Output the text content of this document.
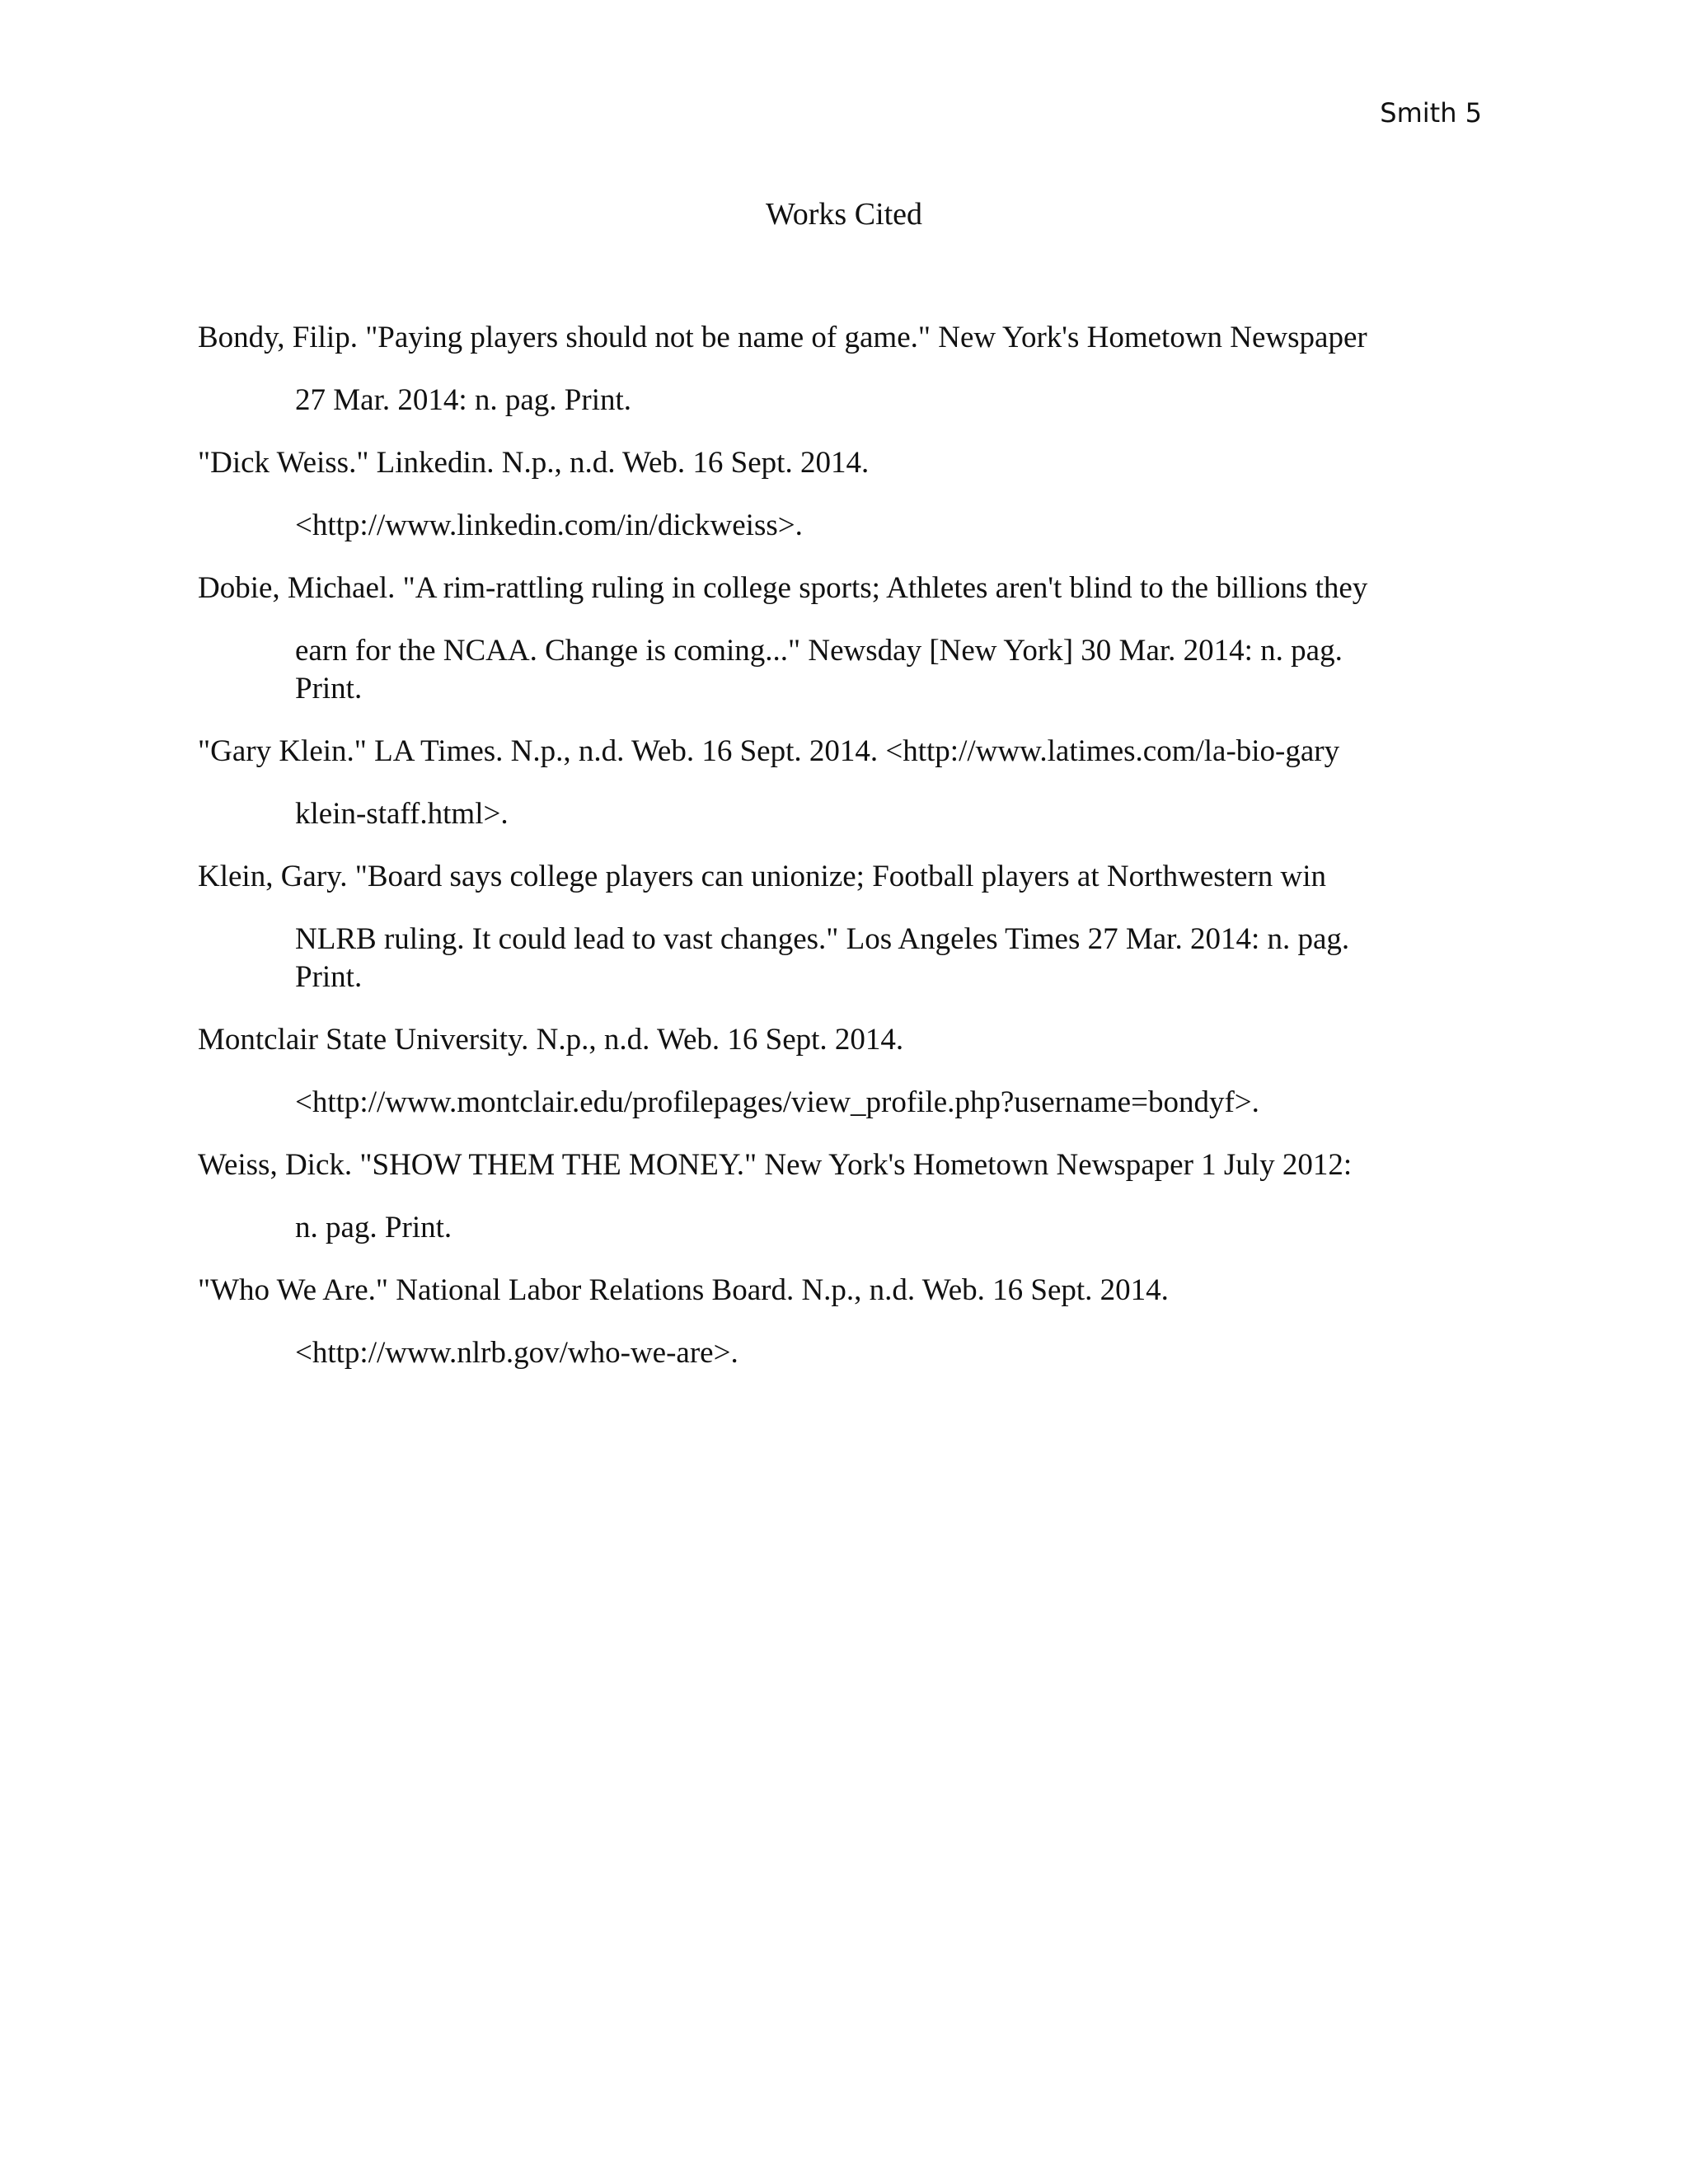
Smith 5
Works Cited
Bondy, Filip. "Paying players should not be name of game." New York's Hometown Newspaper
27 Mar. 2014: n. pag. Print.
"Dick Weiss." Linkedin. N.p., n.d. Web. 16 Sept. 2014.
<http://www.linkedin.com/in/dickweiss>.
Dobie, Michael. "A rim-rattling ruling in college sports; Athletes aren't blind to the billions they
earn for the NCAA. Change is coming..." Newsday [New York] 30 Mar. 2014: n. pag.
Print.
"Gary Klein." LA Times. N.p., n.d. Web. 16 Sept. 2014. <http://www.latimes.com/la-bio-gary
klein-staff.html>.
Klein, Gary. "Board says college players can unionize; Football players at Northwestern win
NLRB ruling. It could lead to vast changes." Los Angeles Times 27 Mar. 2014: n. pag.
Print.
Montclair State University. N.p., n.d. Web. 16 Sept. 2014.
<http://www.montclair.edu/profilepages/view_profile.php?username=bondyf>.
Weiss, Dick. "SHOW THEM THE MONEY." New York's Hometown Newspaper 1 July 2012:
n. pag. Print.
"Who We Are." National Labor Relations Board. N.p., n.d. Web. 16 Sept. 2014.
<http://www.nlrb.gov/who-we-are>.
